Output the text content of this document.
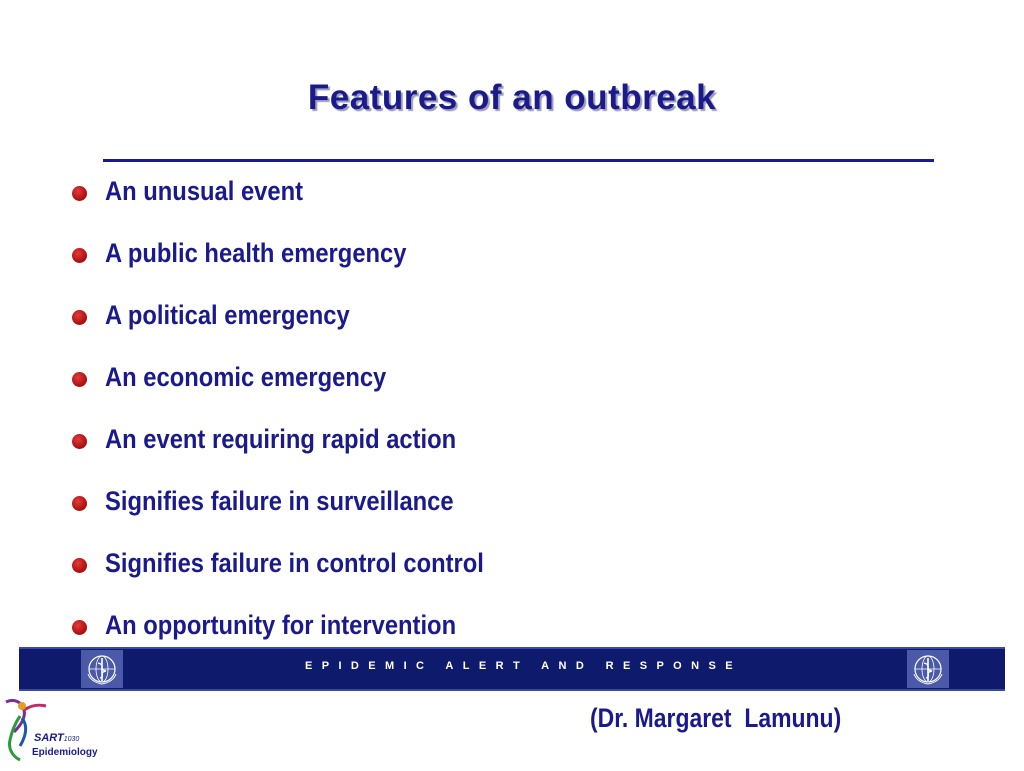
Features of an outbreak
An unusual event
A public health emergency
A political emergency
An economic emergency
An event requiring rapid action
Signifies failure in surveillance
Signifies failure in control control
An opportunity for intervention
EPIDEMIC ALERT AND RESPONSE
(Dr. Margaret  Lamunu)
SART1030
Epidemiology
